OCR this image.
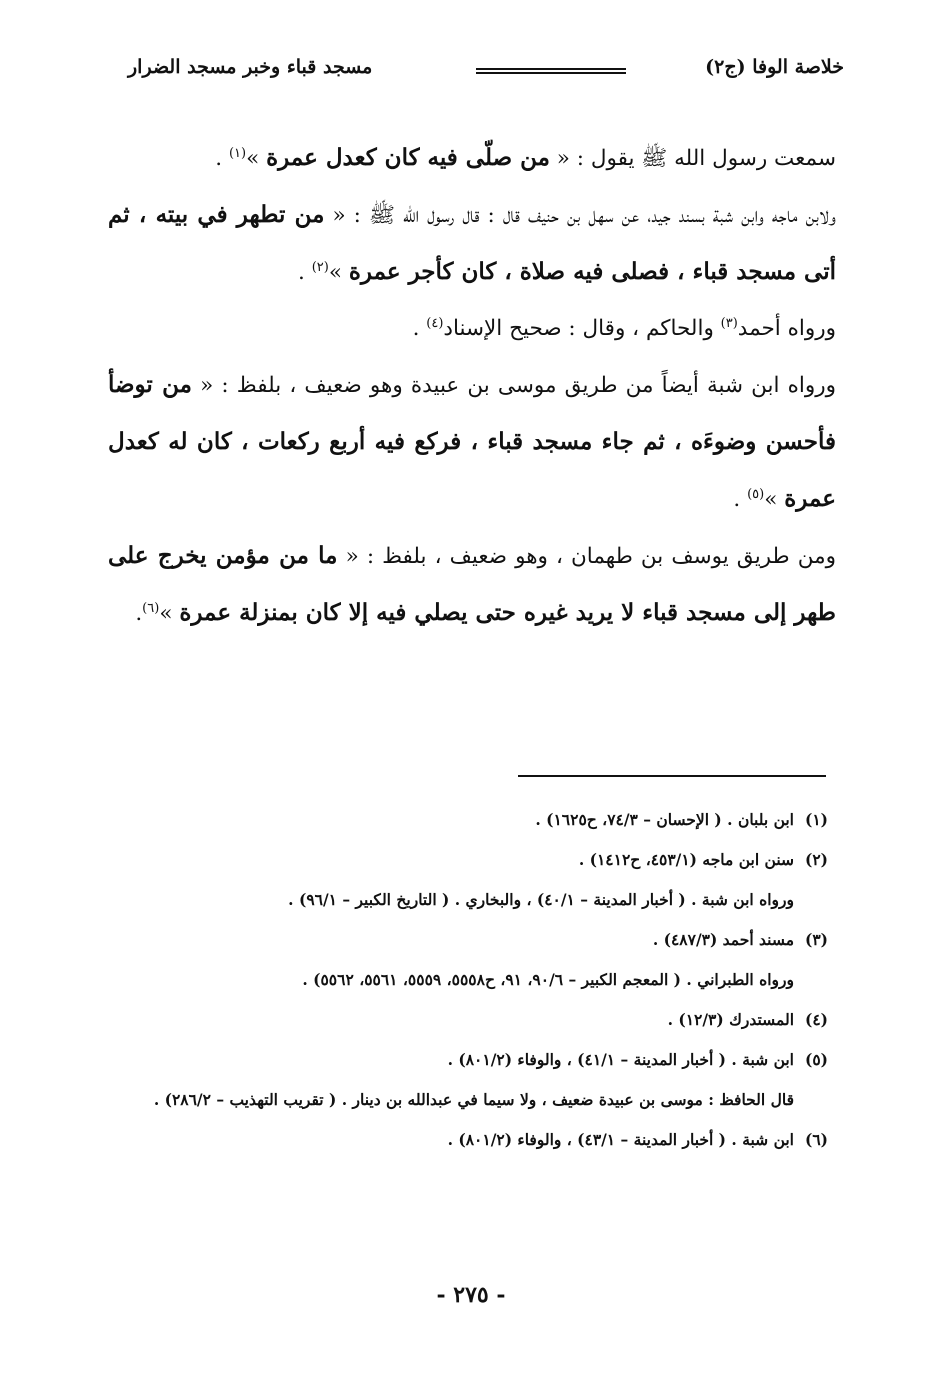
خلاصة الوفا (ج٢)
مسجد قباء وخبر مسجد الضرار

سمعت رسول الله ﷺ يقول : « من صلّى فيه كان كعدل عمرة »$^{(١)}$ .

ولابن ماجه وابن شبة بسند جيد، عن سهل بن حنيف قال : قال رسول الله ﷺ : « من تطهر في بيته ، ثم أتى مسجد قباء ، فصلى فيه صلاة ، كان كأجر عمرة »$^{(٢)}$ .

ورواه أحمد$^{(٣)}$ والحاكم ، وقال : صحيح الإسناد$^{(٤)}$ .

ورواه ابن شبة أيضاً من طريق موسى بن عبيدة وهو ضعيف ، بلفظ : « من توضأ فأحسن وضوءَه ، ثم جاء مسجد قباء ، فركع فيه أربع ركعات ، كان له كعدل عمرة »$^{(٥)}$ .

ومن طريق يوسف بن طهمان ، وهو ضعيف ، بلفظ : « ما من مؤمن يخرج على طهر إلى مسجد قباء لا يريد غيره حتى يصلي فيه إلا كان بمنزلة عمرة »$^{(٦)}$.

(١)
ابن بلبان . ( الإحسان – ٧٤/٣، ح١٦٢٥) .
(٢)
سنن ابن ماجه (٤٥٣/١، ح١٤١٢) .
ورواه ابن شبة . ( أخبار المدينة – ٤٠/١) ، والبخاري . ( التاريخ الكبير – ٩٦/١) .
(٣)
مسند أحمد (٤٨٧/٣) .
ورواه الطبراني . ( المعجم الكبير – ٩٠/٦، ٩١، ح٥٥٥٨، ٥٥٥٩، ٥٥٦١، ٥٥٦٢) .
(٤)
المستدرك (١٢/٣) .
(٥)
ابن شبة . ( أخبار المدينة – ٤١/١) ، والوفاء (٨٠١/٢) .
قال الحافظ : موسى بن عبيدة ضعيف ، ولا سيما في عبدالله بن دينار . ( تقريب التهذيب – ٢٨٦/٢) .
(٦)
ابن شبة . ( أخبار المدينة – ٤٣/١) ، والوفاء (٨٠١/٢) .
- ٢٧٥ -
